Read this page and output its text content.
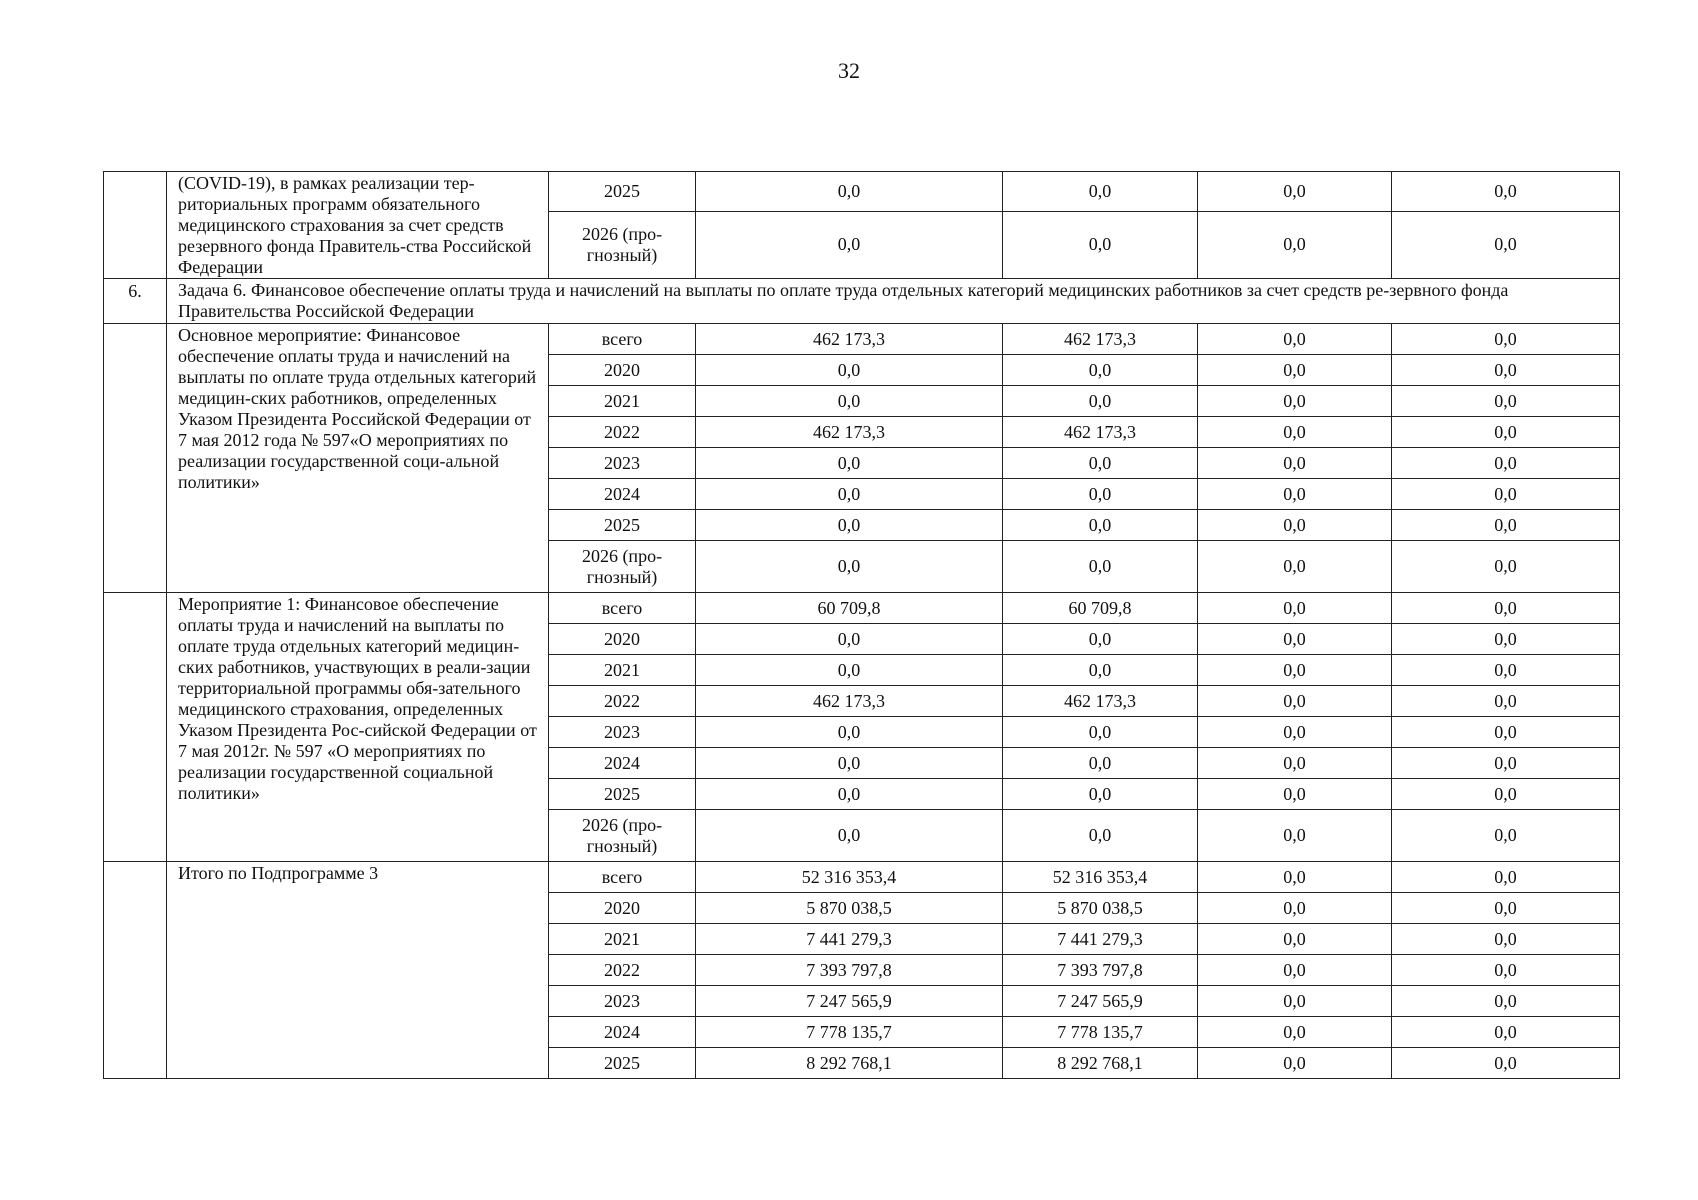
32
	(COVID-19), в рамках реализации тер-риториальных программ обязательного медицинского страхования за счет средств резервного фонда Правитель-ства Российской Федерации	2025	0,0	0,0	0,0	0,0
		2026 (про-гнозный)	0,0	0,0	0,0	0,0
6.	Задача 6. Финансовое обеспечение оплаты труда и начислений на выплаты по оплате труда отдельных категорий медицинских работников за счет средств ре-зервного фонда Правительства Российской Федерации					
	Основное мероприятие: Финансовое обеспечение оплаты труда и начислений на выплаты по оплате труда отдельных категорий медицин-ских работников, определенных Указом Президента Российской Федерации от 7 мая 2012 года № 597«О мероприятиях по реализации государственной соци-альной политики»	всего	462 173,3	462 173,3	0,0	0,0
		2020	0,0	0,0	0,0	0,0
		2021	0,0	0,0	0,0	0,0
		2022	462 173,3	462 173,3	0,0	0,0
		2023	0,0	0,0	0,0	0,0
		2024	0,0	0,0	0,0	0,0
		2025	0,0	0,0	0,0	0,0
		2026 (про-гнозный)	0,0	0,0	0,0	0,0
	Мероприятие 1: Финансовое обеспечение оплаты труда и начислений на выплаты по оплате труда отдельных категорий медицин-ских работников, участвующих в реали-зации территориальной программы обя-зательного медицинского страхования, определенных Указом Президента Рос-сийской Федерации от 7 мая 2012г. № 597 «О мероприятиях по реализации государственной социальной политики»	всего	60 709,8	60 709,8	0,0	0,0
		2020	0,0	0,0	0,0	0,0
		2021	0,0	0,0	0,0	0,0
		2022	462 173,3	462 173,3	0,0	0,0
		2023	0,0	0,0	0,0	0,0
		2024	0,0	0,0	0,0	0,0
		2025	0,0	0,0	0,0	0,0
		2026 (про-гнозный)	0,0	0,0	0,0	0,0
	Итого по Подпрограмме 3	всего	52 316 353,4	52 316 353,4	0,0	0,0
		2020	5 870 038,5	5 870 038,5	0,0	0,0
		2021	7 441 279,3	7 441 279,3	0,0	0,0
		2022	7 393 797,8	7 393 797,8	0,0	0,0
		2023	7 247 565,9	7 247 565,9	0,0	0,0
		2024	7 778 135,7	7 778 135,7	0,0	0,0
		2025	8 292 768,1	8 292 768,1	0,0	0,0
